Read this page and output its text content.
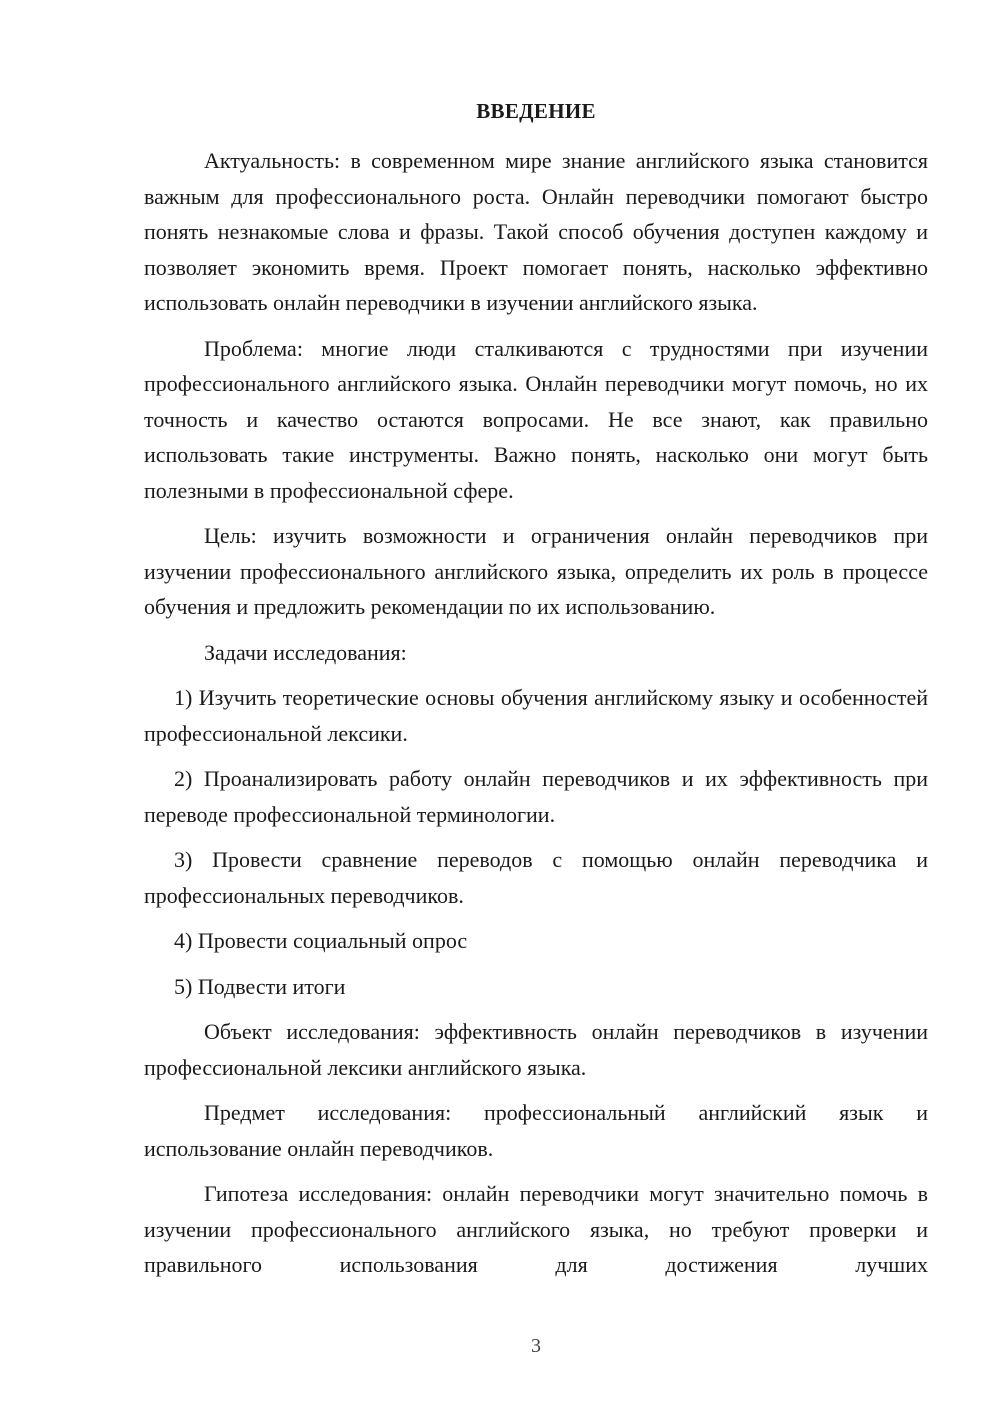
ВВЕДЕНИЕ

Актуальность: в современном мире знание английского языка становится важным для профессионального роста. Онлайн переводчики помогают быстро понять незнакомые слова и фразы. Такой способ обучения доступен каждому и позволяет экономить время. Проект помогает понять, насколько эффективно использовать онлайн переводчики в изучении английского языка.

Проблема: многие люди сталкиваются с трудностями при изучении профессионального английского языка. Онлайн переводчики могут помочь, но их точность и качество остаются вопросами. Не все знают, как правильно использовать такие инструменты. Важно понять, насколько они могут быть полезными в профессиональной сфере.

Цель: изучить возможности и ограничения онлайн переводчиков при изучении профессионального английского языка, определить их роль в процессе обучения и предложить рекомендации по их использованию.

Задачи исследования:

1) Изучить теоретические основы обучения английскому языку и особенностей профессиональной лексики.

2) Проанализировать работу онлайн переводчиков и их эффективность при переводе профессиональной терминологии.

3) Провести сравнение переводов с помощью онлайн переводчика и профессиональных переводчиков.

4) Провести социальный опрос

5) Подвести итоги

Объект исследования: эффективность онлайн переводчиков в изучении профессиональной лексики английского языка.

Предмет исследования: профессиональный английский язык и использование онлайн переводчиков.

Гипотеза исследования: онлайн переводчики могут значительно помочь в изучении профессионального английского языка, но требуют проверки и правильного использования для достижения лучших

3
